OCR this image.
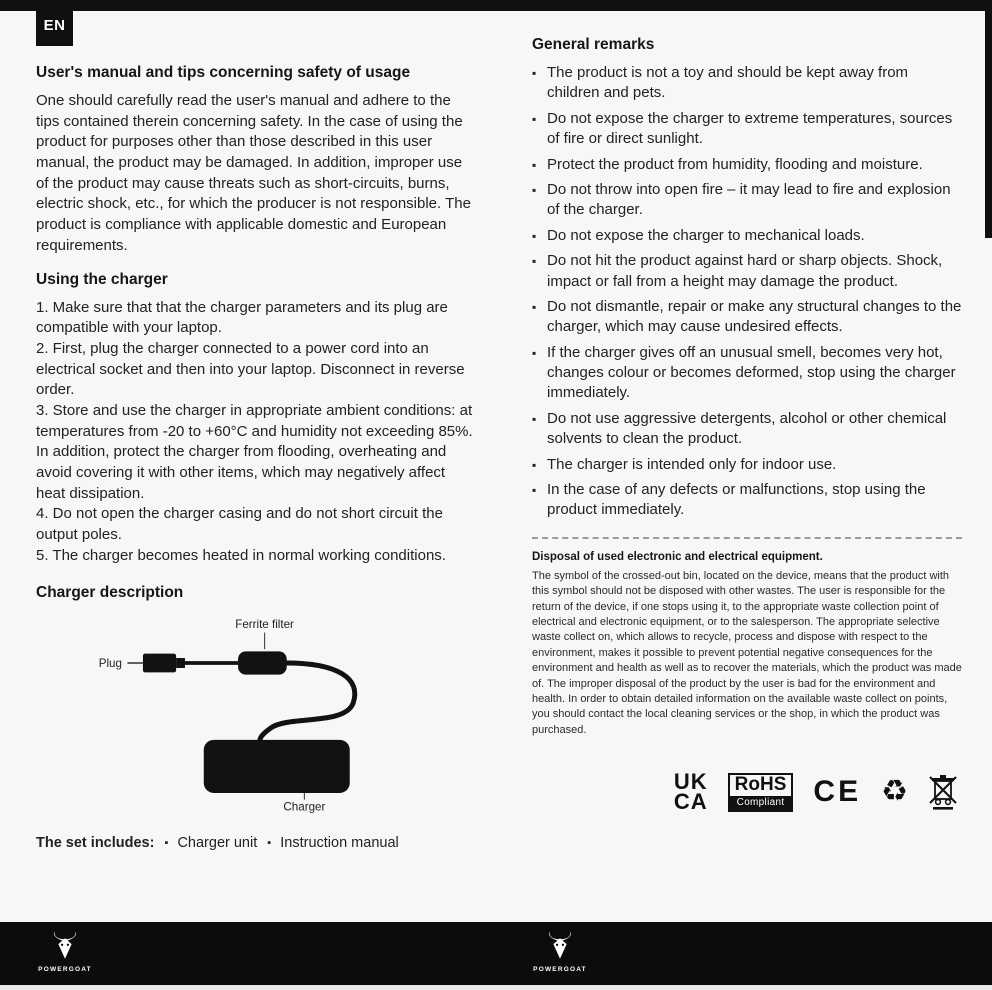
EN
User's manual and tips concerning safety of usage

One should carefully read the user's manual and adhere to the tips contained therein concerning safety. In the case of using the product for purposes other than those described in this user manual, the product may be damaged. In addition, improper use of the product may cause threats such as short-circuits, burns, electric shock, etc., for which the producer is not responsible. The product is compliance with applicable domestic and European requirements.

Using the charger

1. Make sure that that the charger parameters and its plug are compatible with your laptop.

2. First, plug the charger connected to a power cord into an electrical socket and then into your laptop. Disconnect in reverse order.

3. Store and use the charger in appropriate ambient conditions: at temperatures from -20 to +60°C and humidity not exceeding 85%. In addition, protect the charger from flooding, overheating and avoid covering it with other items, which may negatively affect heat dissipation.

4. Do not open the charger casing and do not short circuit the output poles.

5. The charger becomes heated in normal working conditions.

Charger description
Ferrite filter
Plug
Charger
The set includes:	▪ Charger unit	▪ Instruction manual
General remarks
▪ The product is not a toy and should be kept away from children and pets.
▪ Do not expose the charger to extreme temperatures, sources of fire or direct sunlight.
▪ Protect the product from humidity, flooding and moisture.
▪ Do not throw into open fire – it may lead to fire and explosion of the charger.
▪ Do not expose the charger to mechanical loads.
▪ Do not hit the product against hard or sharp objects. Shock, impact or fall from a height may damage the product.
▪ Do not dismantle, repair or make any structural changes to the charger, which may cause undesired effects.
▪ If the charger gives off an unusual smell, becomes very hot, changes colour or becomes deformed, stop using the charger immediately.
▪ Do not use aggressive detergents, alcohol or other chemical solvents to clean the product.
▪ The charger is intended only for indoor use.
▪ In the case of any defects or malfunctions, stop using the product immediately.

Disposal of used electronic and electrical equipment.

The symbol of the crossed-out bin, located on the device, means that the product with this symbol should not be disposed with other wastes. The user is responsible for the return of the device, if one stops using it, to the appropriate waste collection point of electrical and electronic equipment, or to the salesperson. The appropriate selective waste collect on, which allows to recycle, process and dispose with respect to the environment, makes it possible to prevent potential negative consequences for the environment and health as well as to recover the materials, which the product was made of. The improper disposal of the product by the user is bad for the environment and health. In order to obtain detailed information on the available waste collect on points, you should contact the local cleaning services or the shop, in which the product was purchased.

UK
CA
RoHS
Compliant CE ♻
POWERGOAT	POWERGOAT
